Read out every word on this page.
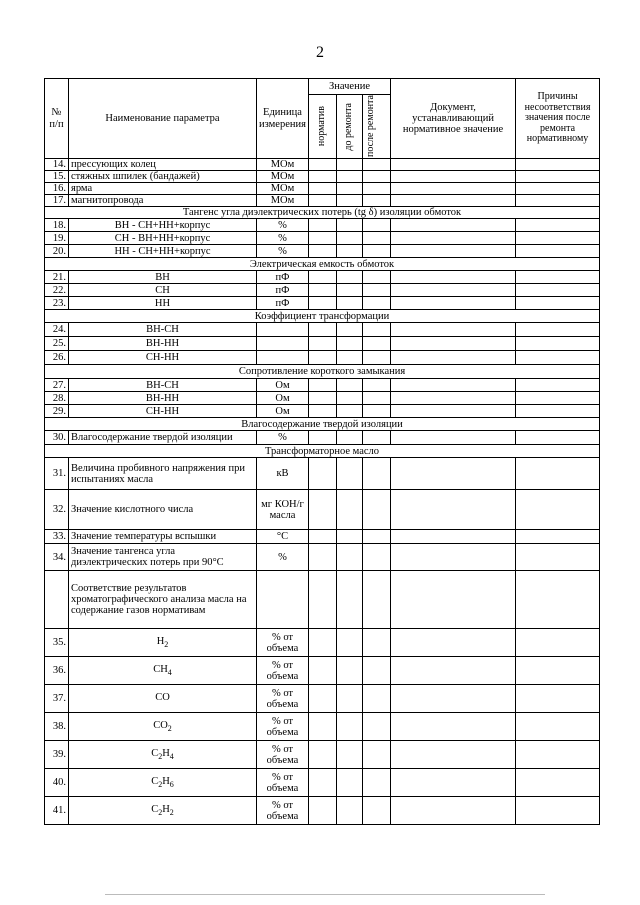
2
№ п/п	Наименование параметра	Единица измерения	Значение			Документ, устанавливающий нормативное значение	Причины несоответствия значения после ремонта нормативному

			норматив	до ремонта	после ремонта		

14.	прессующих колец	МОм					
15.	стяжных шпилек (бандажей)	МОм					
16.	ярма	МОм					
17.	магнитопровода	МОм					
Тангенс угла диэлектрических потерь (tg δ) изоляции обмоток							
18.	ВН - СН+НН+корпус	%					
19.	СН - ВН+НН+корпус	%					
20.	НН - СН+НН+корпус	%					
Электрическая емкость обмоток							
21.	ВН	пФ					
22.	СН	пФ					
23.	НН	пФ					
Коэффициент трансформации							
24.	ВН-СН						
25.	ВН-НН						
26.	СН-НН						
Сопротивление короткого замыкания							
27.	ВН-СН	Ом					
28.	ВН-НН	Ом					
29.	СН-НН	Ом					
Влагосодержание твердой изоляции							
30.	Влагосодержание твердой изоляции	%					
Трансформаторное масло							
31.	Величина пробивного напряжения при испытаниях масла	кВ					
32.	Значение кислотного числа	мг КОН/г масла					
33.	Значение температуры вспышки	°С					
34.	Значение тангенса угла диэлектрических потерь при 90°С	%					
	Соответствие результатов хроматографического анализа масла на содержание газов нормативам						
35.	$H_2$	% от объема					
36.	$CH_4$	% от объема					
37.	CO	% от объема					
38.	$CO_2$	% от объема					
39.	$C_2H_4$	% от объема					
40.	$C_2H_6$	% от объема					
41.	$C_2H_2$	% от объема					
